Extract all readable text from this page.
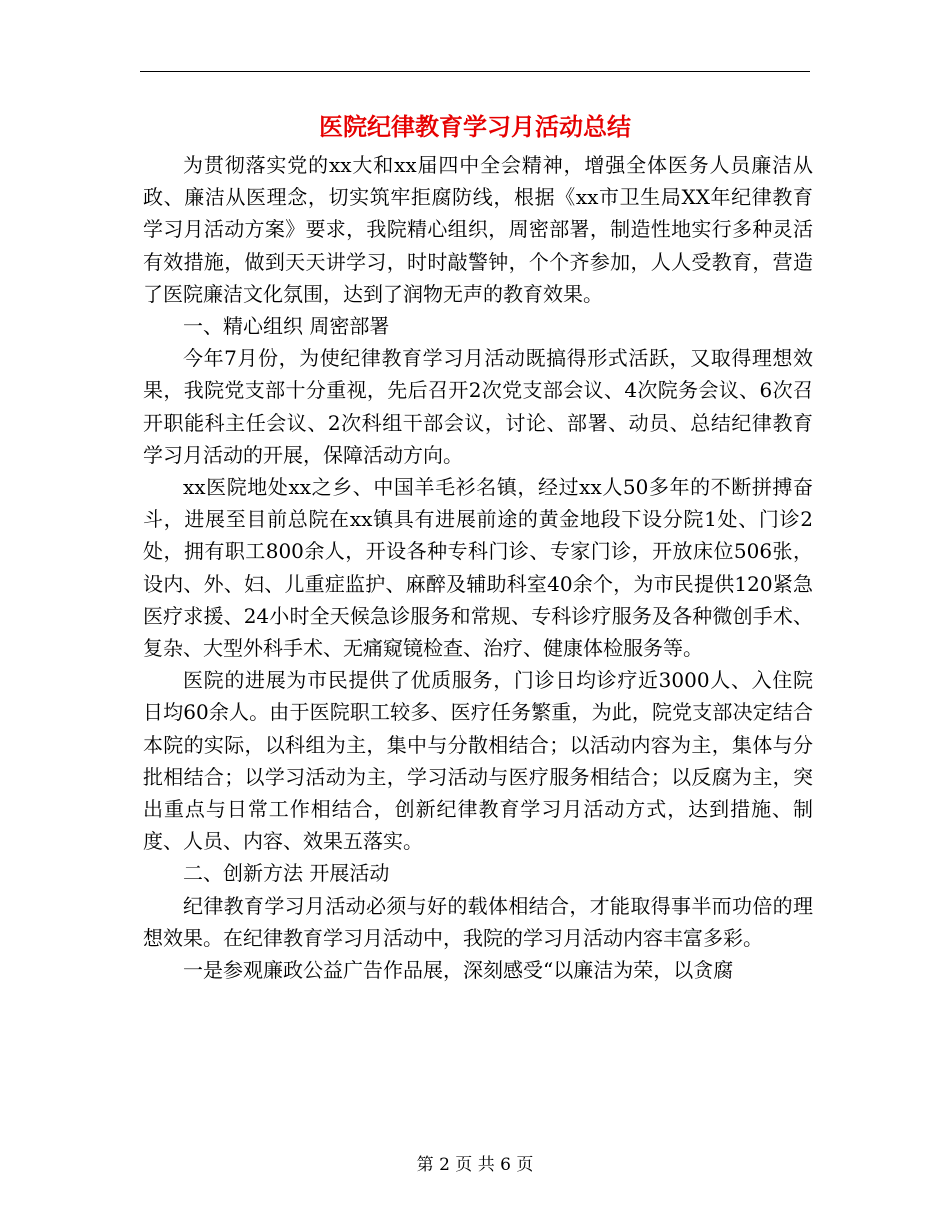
医院纪律教育学习月活动总结

为贯彻落实党的xx大和xx届四中全会精神，增强全体医务人员廉洁从政、廉洁从医理念，切实筑牢拒腐防线，根据《xx市卫生局XX年纪律教育学习月活动方案》要求，我院精心组织，周密部署，制造性地实行多种灵活有效措施，做到天天讲学习，时时敲警钟，个个齐参加，人人受教育，营造了医院廉洁文化氛围，达到了润物无声的教育效果。

一、精心组织 周密部署

今年7月份，为使纪律教育学习月活动既搞得形式活跃，又取得理想效果，我院党支部十分重视，先后召开2次党支部会议、4次院务会议、6次召开职能科主任会议、2次科组干部会议，讨论、部署、动员、总结纪律教育学习月活动的开展，保障活动方向。

xx医院地处xx之乡、中国羊毛衫名镇，经过xx人50多年的不断拼搏奋斗，进展至目前总院在xx镇具有进展前途的黄金地段下设分院1处、门诊2处，拥有职工800余人，开设各种专科门诊、专家门诊，开放床位506张，设内、外、妇、儿重症监护、麻醉及辅助科室40余个，为市民提供120紧急医疗求援、24小时全天候急诊服务和常规、专科诊疗服务及各种微创手术、复杂、大型外科手术、无痛窥镜检查、治疗、健康体检服务等。

医院的进展为市民提供了优质服务，门诊日均诊疗近3000人、入住院日均60余人。由于医院职工较多、医疗任务繁重，为此，院党支部决定结合本院的实际，以科组为主，集中与分散相结合；以活动内容为主，集体与分批相结合；以学习活动为主，学习活动与医疗服务相结合；以反腐为主，突出重点与日常工作相结合，创新纪律教育学习月活动方式，达到措施、制度、人员、内容、效果五落实。

二、创新方法 开展活动

纪律教育学习月活动必须与好的载体相结合，才能取得事半而功倍的理想效果。在纪律教育学习月活动中，我院的学习月活动内容丰富多彩。

一是参观廉政公益广告作品展，深刻感受“以廉洁为荣，以贪腐

第 2 页 共 6 页
